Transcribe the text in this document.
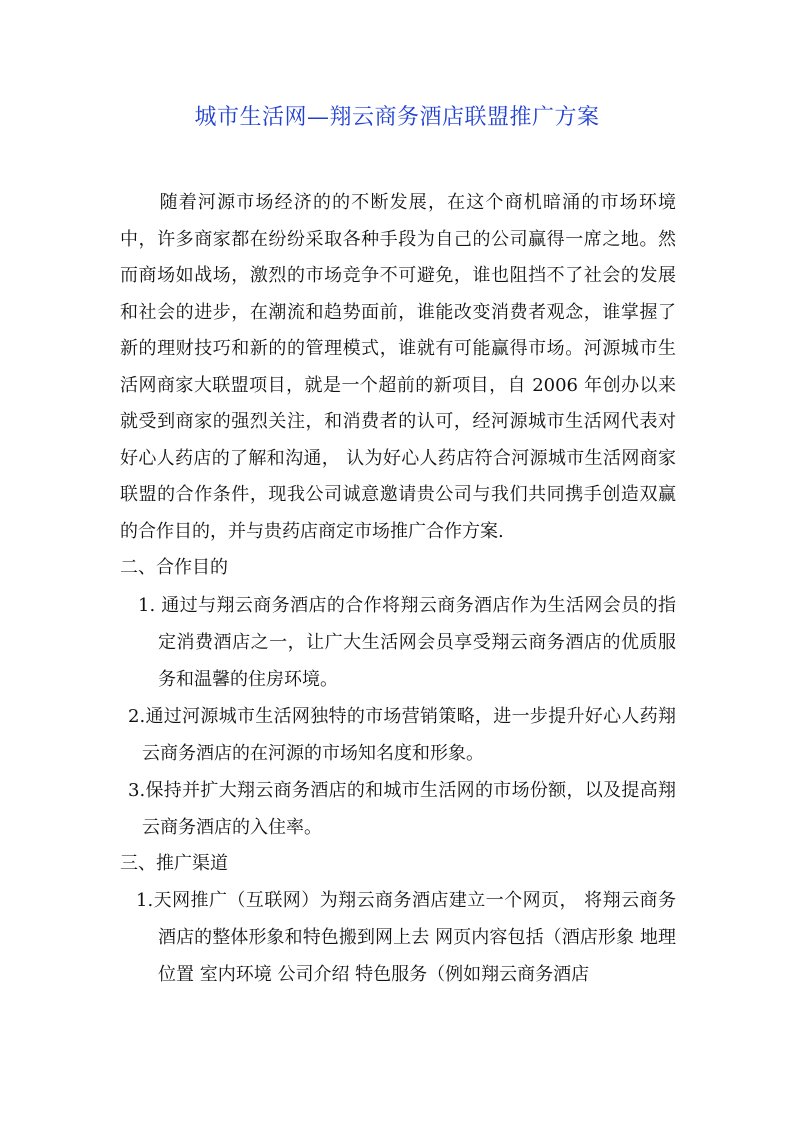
城市生活网—翔云商务酒店联盟推广方案

随着河源市场经济的的不断发展，在这个商机暗涌的市场环境中，许多商家都在纷纷采取各种手段为自己的公司赢得一席之地。然而商场如战场，激烈的市场竞争不可避免，谁也阻挡不了社会的发展和社会的进步，在潮流和趋势面前，谁能改变消费者观念，谁掌握了新的理财技巧和新的的管理模式，谁就有可能赢得市场。河源城市生活网商家大联盟项目，就是一个超前的新项目，自 2006 年创办以来就受到商家的强烈关注，和消费者的认可，经河源城市生活网代表对好心人药店的了解和沟通， 认为好心人药店符合河源城市生活网商家联盟的合作条件，现我公司诚意邀请贵公司与我们共同携手创造双赢的合作目的，并与贵药店商定市场推广合作方案.

二、合作目的
1. 通过与翔云商务酒店的合作将翔云商务酒店作为生活网会员的指定消费酒店之一，让广大生活网会员享受翔云商务酒店的优质服务和温馨的住房环境。
2.通过河源城市生活网独特的市场营销策略，进一步提升好心人药翔云商务酒店的在河源的市场知名度和形象。
3.保持并扩大翔云商务酒店的和城市生活网的市场份额，以及提高翔云商务酒店的入住率。
三、推广渠道
1.天网推广（互联网）为翔云商务酒店建立一个网页， 将翔云商务酒店的整体形象和特色搬到网上去 网页内容包括（酒店形象 地理位置 室内环境 公司介绍 特色服务（例如翔云商务酒店
